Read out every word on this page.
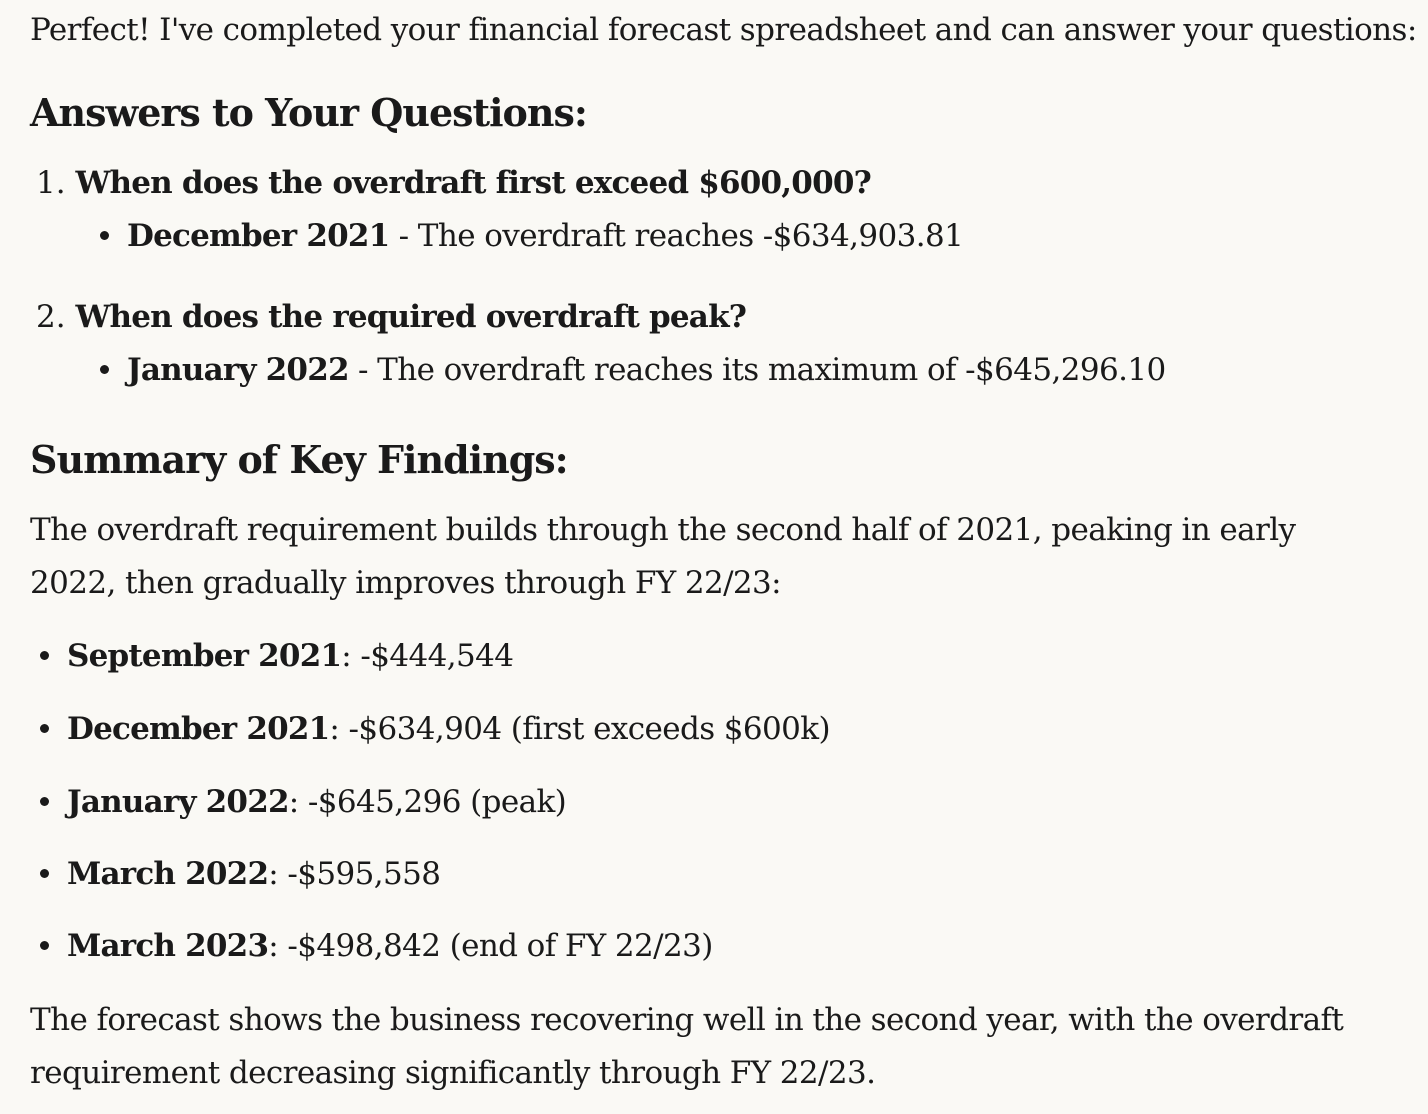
Perfect! I've completed your financial forecast spreadsheet and can answer your questions:
Answers to Your Questions:
1. When does the overdraft first exceed $600,000?
December 2021 - The overdraft reaches -$634,903.81
2. When does the required overdraft peak?
January 2022 - The overdraft reaches its maximum of -$645,296.10
Summary of Key Findings:
The overdraft requirement builds through the second half of 2021, peaking in early 2022, then gradually improves through FY 22/23:
September 2021: -$444,544
December 2021: -$634,904 (first exceeds $600k)
January 2022: -$645,296 (peak)
March 2022: -$595,558
March 2023: -$498,842 (end of FY 22/23)
The forecast shows the business recovering well in the second year, with the overdraft requirement decreasing significantly through FY 22/23.
